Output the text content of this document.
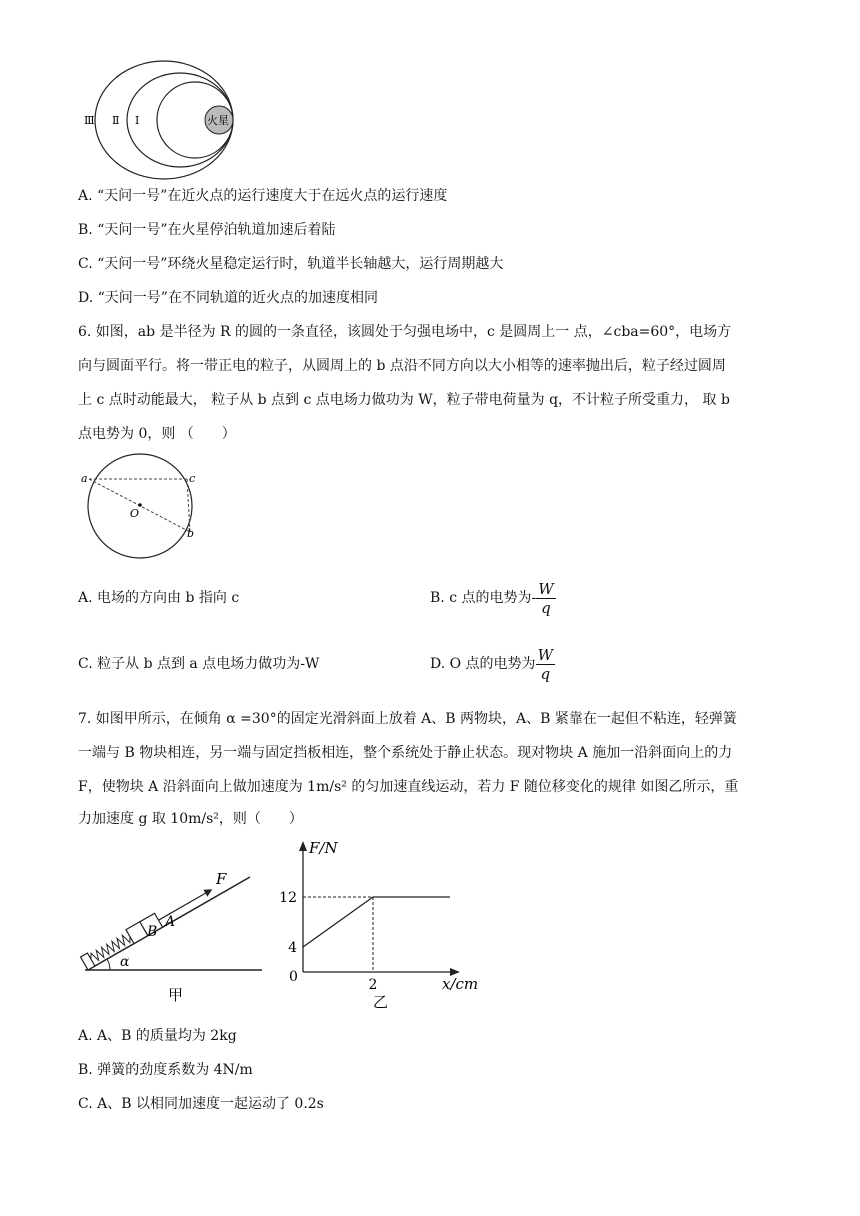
Ⅲ Ⅱ Ⅰ	火星
A. “天问一号”在近火点的运行速度大于在远火点的运行速度
B. “天问一号”在火星停泊轨道加速后着陆
C. “天问一号”环绕火星稳定运行时，轨道半长轴越大，运行周期越大
D. “天问一号”在不同轨道的近火点的加速度相同
6. 如图，ab 是半径为 R 的圆的一条直径，该圆处于匀强电场中，c 是圆周上一 点，∠cba=60°，电场方
向与圆面平行。将一带正电的粒子，从圆周上的 b 点沿不同方向以大小相等的速率抛出后，粒子经过圆周
上 c 点时动能最大， 粒子从 b 点到 c 点电场力做功为 W，粒子带电荷量为 q，不计粒子所受重力， 取 b
点电势为 0，则 （　　）
a	c
O
b
A. 电场的方向由 b 指向 c	B. c 点的电势为- $\frac{W}{q}$
C. 粒子从 b 点到 a 点电场力做功为-W	D. O 点的电势为 $\frac{W}{q}$
7. 如图甲所示，在倾角 α =30°的固定光滑斜面上放着 A、B 两物块，A、B 紧靠在一起但不粘连，轻弹簧
一端与 B 物块相连，另一端与固定挡板相连，整个系统处于静止状态。现对物块 A 施加一沿斜面向上的力
F，使物块 A 沿斜面向上做加速度为 1m/s² 的匀加速直线运动，若力 F 随位移变化的规律 如图乙所示，重
力加速度 g 取 10m/s²，则（　　）
α
B
A
F
甲
F/N
x/cm
0
乙
4
12
2
A. A、B 的质量均为 2kg
B. 弹簧的劲度系数为 4N/m
C. A、B 以相同加速度一起运动了 0.2s
